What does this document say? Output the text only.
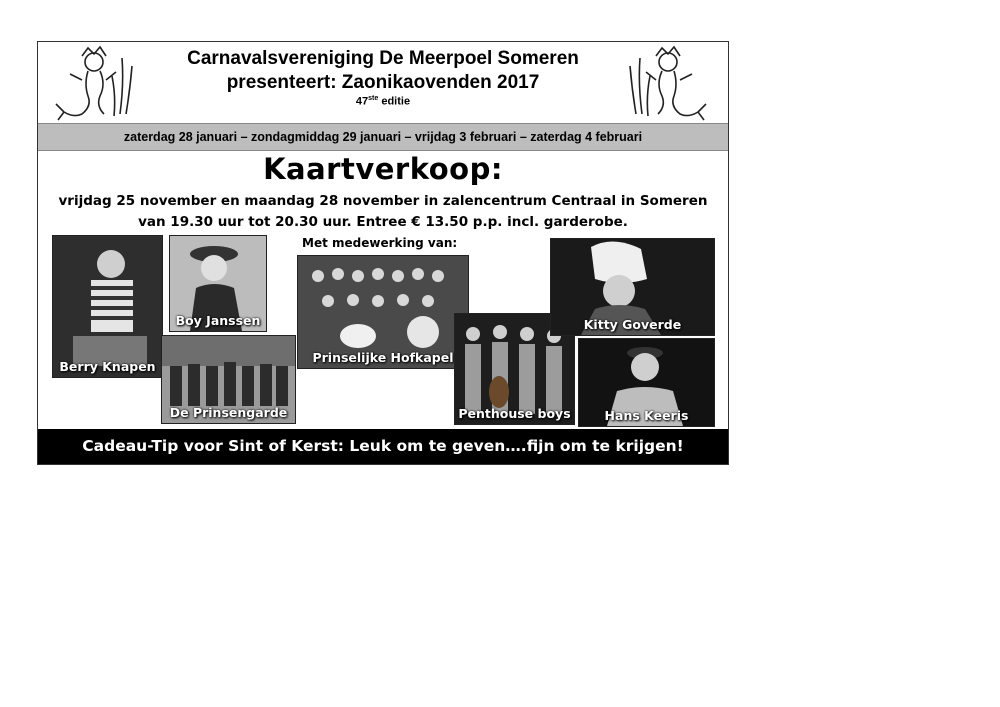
Carnavalsvereniging De Meerpoel Someren
presenteert: Zaonikaovenden 2017
47ste editie
zaterdag 28 januari – zondagmiddag 29 januari – vrijdag 3 februari – zaterdag 4 februari
Kaartverkoop:
vrijdag 25 november en maandag 28 november in zalencentrum Centraal in Someren
van 19.30 uur tot 20.30 uur. Entree € 13.50 p.p. incl. garderobe.
Met medewerking van:
Berry Knapen
Boy Janssen
De Prinsengarde
Prinselijke Hofkapel
Penthouse boys
Kitty Goverde
Hans Keeris
Cadeau-Tip voor Sint of Kerst: Leuk om te geven….fijn om te krijgen!
